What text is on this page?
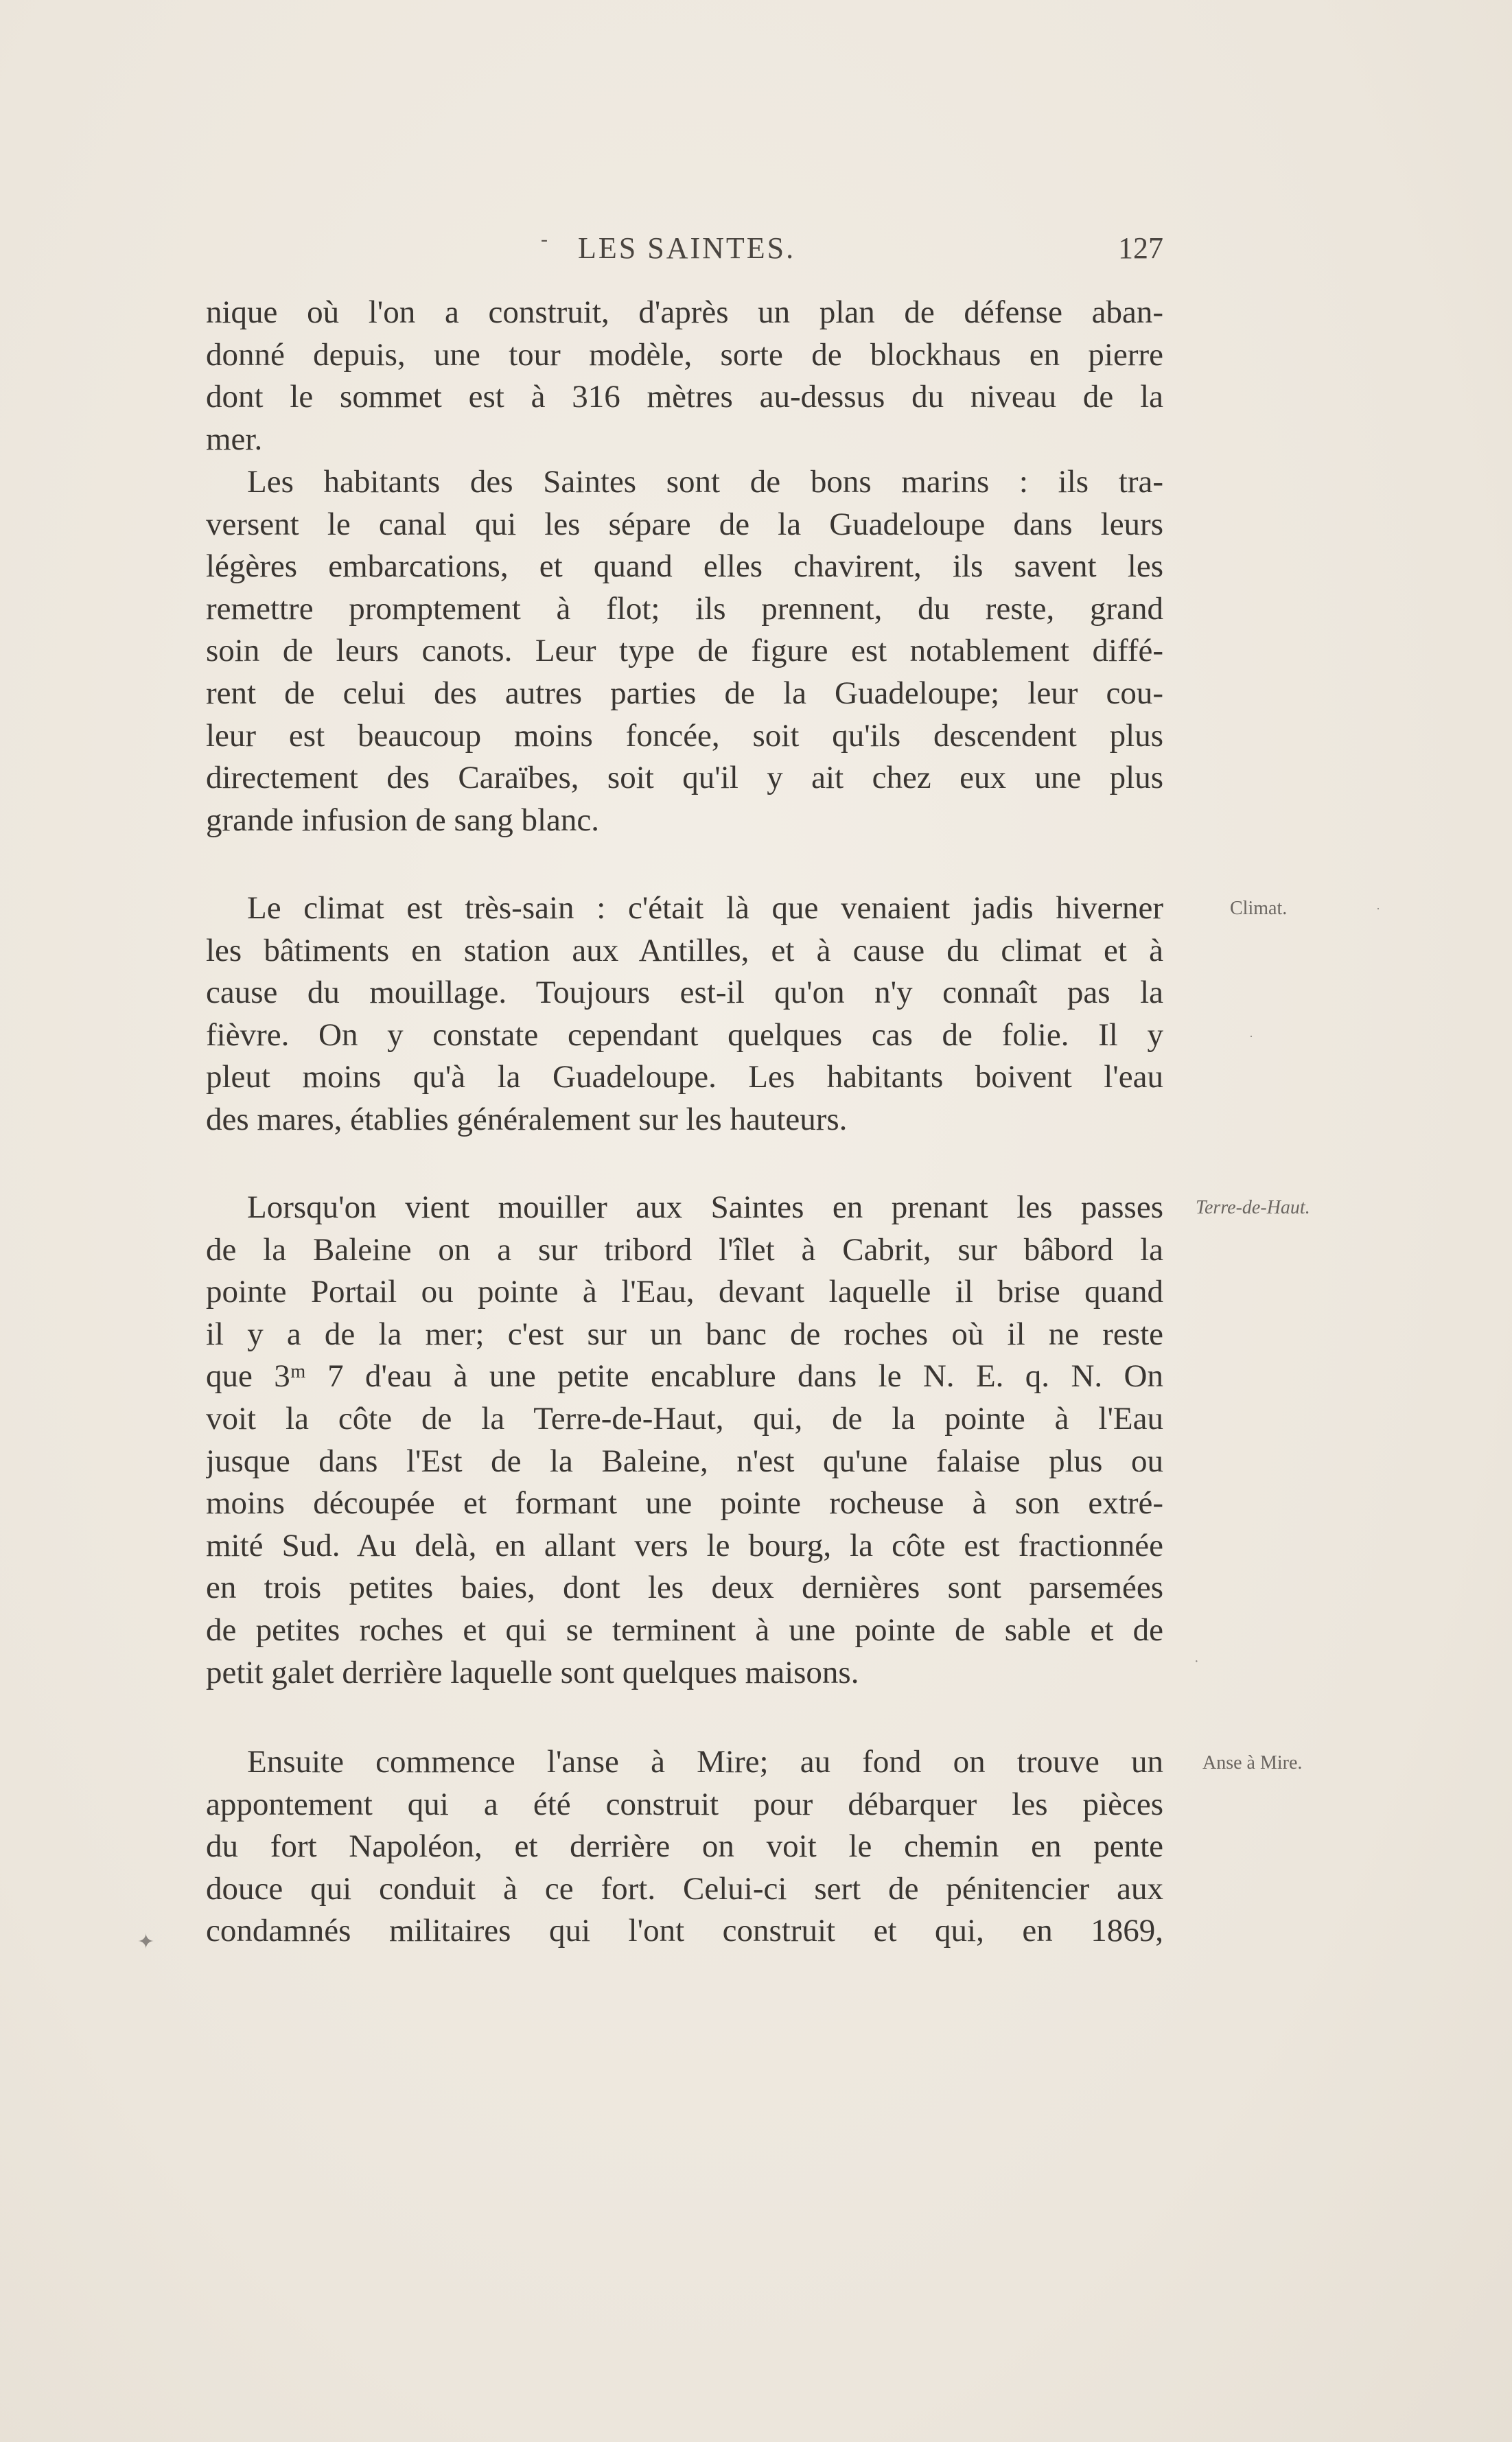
- LES SAINTES.	127
nique où l'on a construit, d'après un plan de défense aban-
donné depuis, une tour modèle, sorte de blockhaus en pierre
dont le sommet est à 316 mètres au-dessus du niveau de la
mer.
Les habitants des Saintes sont de bons marins : ils tra-
versent le canal qui les sépare de la Guadeloupe dans leurs
légères embarcations, et quand elles chavirent, ils savent les
remettre promptement à flot; ils prennent, du reste, grand
soin de leurs canots. Leur type de figure est notablement diffé-
rent de celui des autres parties de la Guadeloupe; leur cou-
leur est beaucoup moins foncée, soit qu'ils descendent plus
directement des Caraïbes, soit qu'il y ait chez eux une plus
grande infusion de sang blanc.
Le climat est très-sain : c'était là que venaient jadis hiverner
les bâtiments en station aux Antilles, et à cause du climat et à
cause du mouillage. Toujours est-il qu'on n'y connaît pas la
fièvre. On y constate cependant quelques cas de folie. Il y
pleut moins qu'à la Guadeloupe. Les habitants boivent l'eau
des mares, établies généralement sur les hauteurs.
Lorsqu'on vient mouiller aux Saintes en prenant les passes
de la Baleine on a sur tribord l'îlet à Cabrit, sur bâbord la
pointe Portail ou pointe à l'Eau, devant laquelle il brise quand
il y a de la mer; c'est sur un banc de roches où il ne reste
que 3ᵐ 7 d'eau à une petite encablure dans le N. E. q. N. On
voit la côte de la Terre-de-Haut, qui, de la pointe à l'Eau
jusque dans l'Est de la Baleine, n'est qu'une falaise plus ou
moins découpée et formant une pointe rocheuse à son extré-
mité Sud. Au delà, en allant vers le bourg, la côte est fractionnée
en trois petites baies, dont les deux dernières sont parsemées
de petites roches et qui se terminent à une pointe de sable et de
petit galet derrière laquelle sont quelques maisons.
Ensuite commence l'anse à Mire; au fond on trouve un
appontement qui a été construit pour débarquer les pièces
du fort Napoléon, et derrière on voit le chemin en pente
douce qui conduit à ce fort. Celui-ci sert de pénitencier aux
condamnés militaires qui l'ont construit et qui, en 1869,
Climat.
Terre-de-Haut.
Anse à Mire.
·
·
·
✦
